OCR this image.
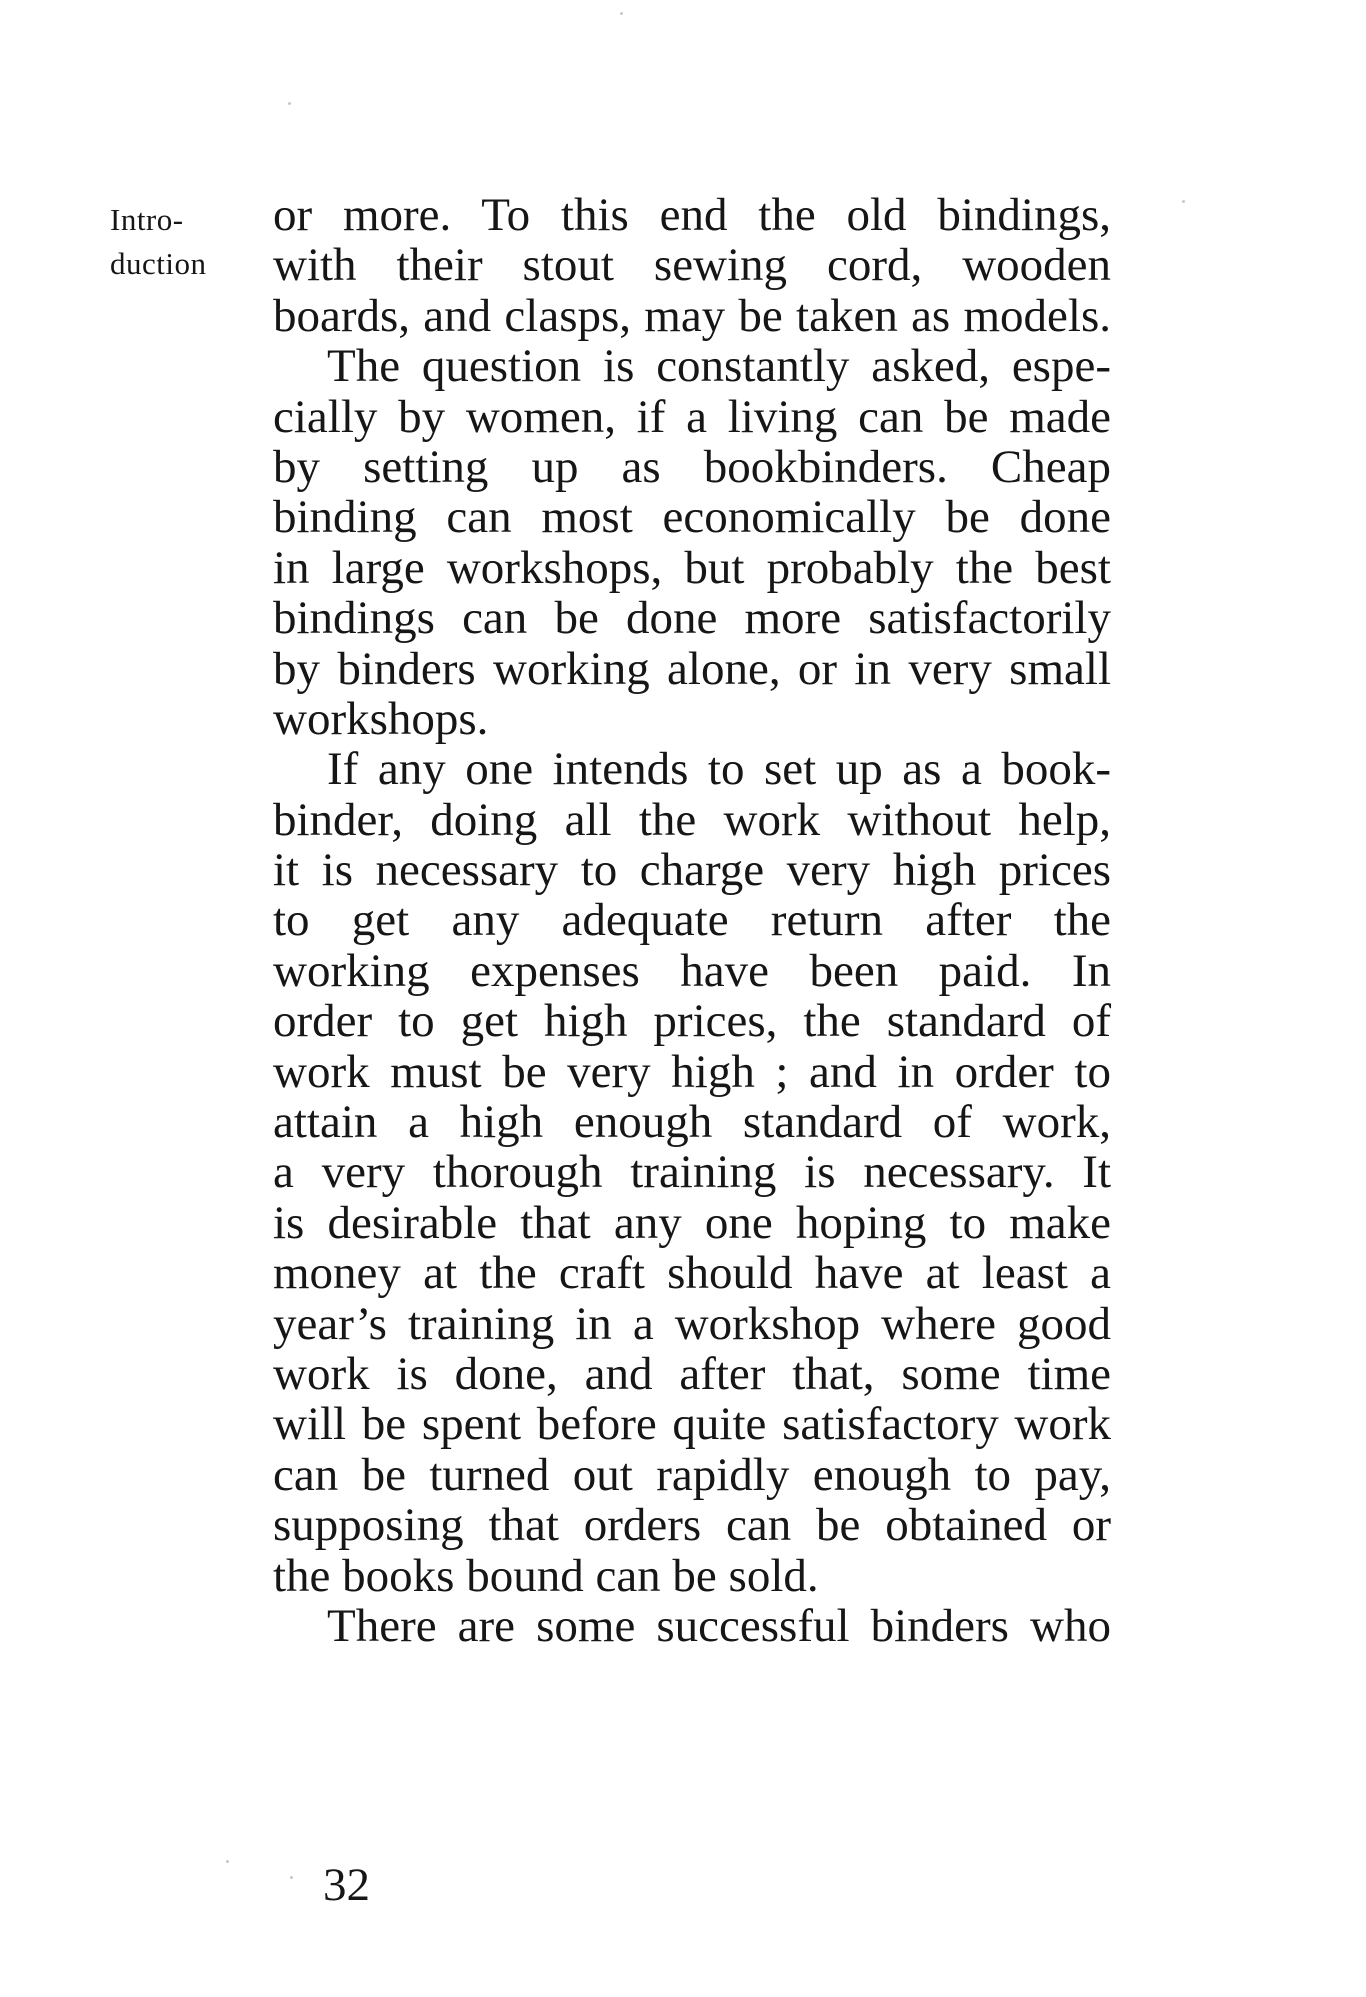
Intro-
duction
or more. To this end the old bindings,
with their stout sewing cord, wooden
boards, and clasps, may be taken as models.
The question is constantly asked, espe-
cially by women, if a living can be made
by setting up as bookbinders. Cheap
binding can most economically be done
in large workshops, but probably the best
bindings can be done more satisfactorily
by binders working alone, or in very small
workshops.
If any one intends to set up as a book-
binder, doing all the work without help,
it is necessary to charge very high prices
to get any adequate return after the
working expenses have been paid. In
order to get high prices, the standard of
work must be very high ; and in order to
attain a high enough standard of work,
a very thorough training is necessary. It
is desirable that any one hoping to make
money at the craft should have at least a
year’s training in a workshop where good
work is done, and after that, some time
will be spent before quite satisfactory work
can be turned out rapidly enough to pay,
supposing that orders can be obtained or
the books bound can be sold.
There are some successful binders who
32
